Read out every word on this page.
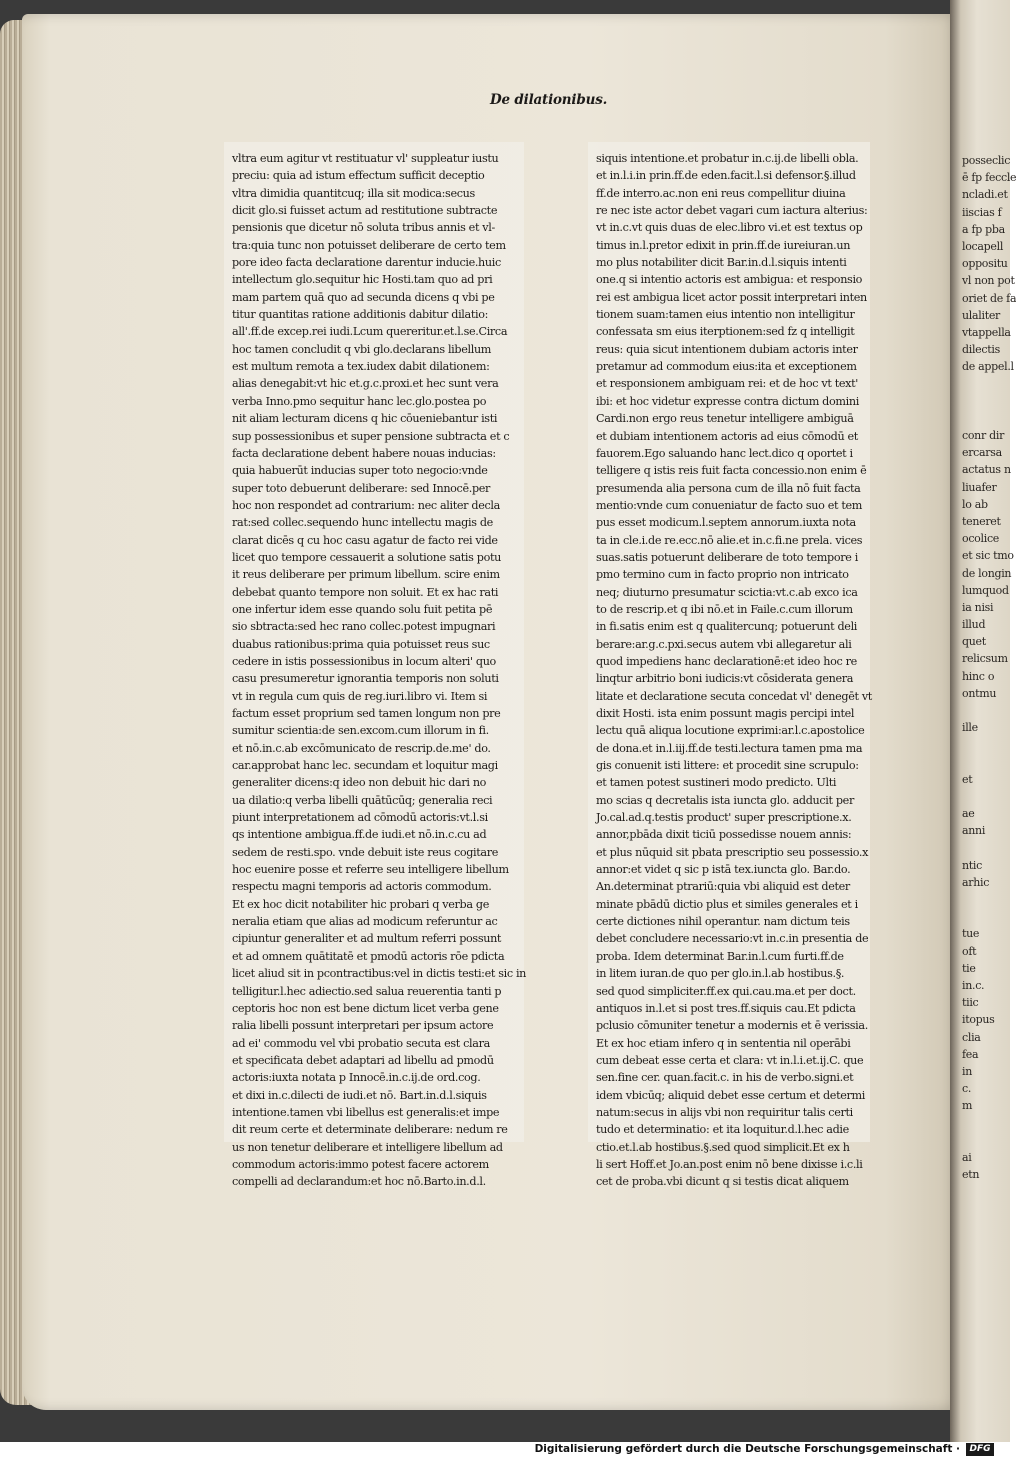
posseclic
ē fp feccle
ncladi.et
iiscias f
a fp pba
locapell
oppositu
vl non pot
oriet de fa
ulaliter
vtappella
dilectis
de appel.l
conr dir
ercarsa
actatus n
liuafer
lo ab
teneret
ocolice
et sic tmo
de longin
lumquod
ia nisi
illud
quet
relicsum
hinc o
ontmu
ille
et
ae
anni
ntic
arhic
tue
oft
tie
in.c.
tiic
itopus
clia
fea
in
c.
m
ai
etn
De dilationibus.
vltra eum agitur vt restituatur vl' suppleatur iustu
preciu: quia ad istum effectum sufficit deceptio
vltra dimidia quantitcuq; illa sit modica:secus
dicit glo.si fuisset actum ad restitutione subtracte
pensionis que dicetur nō soluta tribus annis et vl-
tra:quia tunc non potuisset deliberare de certo tem
pore ideo facta declaratione darentur inducie.huic
intellectum glo.sequitur hic Hosti.tam quo ad pri
mam partem quā quo ad secunda dicens q vbi pe
titur quantitas ratione additionis dabitur dilatio:
all'.ff.de excep.rei iudi.Lcum quereritur.et.l.se.Circa
hoc tamen concludit q vbi glo.declarans libellum
est multum remota a tex.iudex dabit dilationem:
alias denegabit:vt hic et.g.c.proxi.et hec sunt vera
verba Inno.pmo sequitur hanc lec.glo.postea po
nit aliam lecturam dicens q hic cōueniebantur isti
sup possessionibus et super pensione subtracta et c
facta declaratione debent habere nouas inducias:
quia habuerūt inducias super toto negocio:vnde
super toto debuerunt deliberare: sed Innocē.per
hoc non respondet ad contrarium: nec aliter decla
rat:sed collec.sequendo hunc intellectu magis de
clarat dicēs q cu hoc casu agatur de facto rei vide
licet quo tempore cessauerit a solutione satis potu
it reus deliberare per primum libellum. scire enim
debebat quanto tempore non soluit. Et ex hac rati
one infertur idem esse quando solu fuit petita pē
sio sbtracta:sed hec rano collec.potest impugnari
duabus rationibus:prima quia potuisset reus suc
cedere in istis possessionibus in locum alteri' quo
casu presumeretur ignorantia temporis non soluti
vt in regula cum quis de reg.iuri.libro vi. Item si
factum esset proprium sed tamen longum non pre
sumitur scientia:de sen.excom.cum illorum in fi.
et nō.in.c.ab excōmunicato de rescrip.de.me' do.
car.approbat hanc lec. secundam et loquitur magi
generaliter dicens:q ideo non debuit hic dari no
ua dilatio:q verba libelli quātūcūq; generalia reci
piunt interpretationem ad cōmodū actoris:vt.l.si
qs intentione ambigua.ff.de iudi.et nō.in.c.cu ad
sedem de resti.spo. vnde debuit iste reus cogitare
hoc euenire posse et referre seu intelligere libellum
respectu magni temporis ad actoris commodum.
Et ex hoc dicit notabiliter hic probari q verba ge
neralia etiam que alias ad modicum referuntur ac
cipiuntur generaliter et ad multum referri possunt
et ad omnem quātitatē et pmodū actoris rōe pdicta
licet aliud sit in pcontractibus:vel in dictis testi:et sic in
telligitur.l.hec adiectio.sed salua reuerentia tanti p
ceptoris hoc non est bene dictum licet verba gene
ralia libelli possunt interpretari per ipsum actore
ad ei' commodu vel vbi probatio secuta est clara
et specificata debet adaptari ad libellu ad pmodū
actoris:iuxta notata p Innocē.in.c.ij.de ord.cog.
et dixi in.c.dilecti de iudi.et nō. Bart.in.d.l.siquis
intentione.tamen vbi libellus est generalis:et impe
dit reum certe et determinate deliberare: nedum re
us non tenetur deliberare et intelligere libellum ad
commodum actoris:immo potest facere actorem
compelli ad declarandum:et hoc nō.Barto.in.d.l.
siquis intentione.et probatur in.c.ij.de libelli obla.
et in.l.i.in prin.ff.de eden.facit.l.si defensor.§.illud
ff.de interro.ac.non eni reus compellitur diuina
re nec iste actor debet vagari cum iactura alterius:
vt in.c.vt quis duas de elec.libro vi.et est textus op
timus in.l.pretor edixit in prin.ff.de iureiuran.un
mo plus notabiliter dicit Bar.in.d.l.siquis intenti
one.q si intentio actoris est ambigua: et responsio
rei est ambigua licet actor possit interpretari inten
tionem suam:tamen eius intentio non intelligitur
confessata sm eius iterptionem:sed fz q intelligit
reus: quia sicut intentionem dubiam actoris inter
pretamur ad commodum eius:ita et exceptionem
et responsionem ambiguam rei: et de hoc vt text'
ibi: et hoc videtur expresse contra dictum domini
Cardi.non ergo reus tenetur intelligere ambiguā
et dubiam intentionem actoris ad eius cōmodū et
fauorem.Ego saluando hanc lect.dico q oportet i
telligere q istis reis fuit facta concessio.non enim ē
presumenda alia persona cum de illa nō fuit facta
mentio:vnde cum conueniatur de facto suo et tem
pus esset modicum.l.septem annorum.iuxta nota
ta in cle.i.de re.ecc.nō alie.et in.c.fi.ne prela. vices
suas.satis potuerunt deliberare de toto tempore i
pmo termino cum in facto proprio non intricato
neq; diuturno presumatur scictia:vt.c.ab exco ica
to de rescrip.et q ibi nō.et in Faile.c.cum illorum
in fi.satis enim est q qualitercunq; potuerunt deli
berare:ar.g.c.pxi.secus autem vbi allegaretur ali
quod impediens hanc declarationē:et ideo hoc re
linqtur arbitrio boni iudicis:vt cōsiderata genera
litate et declaratione secuta concedat vl' denegēt vt
dixit Hosti. ista enim possunt magis percipi intel
lectu quā aliqua locutione exprimi:ar.l.c.apostolice
de dona.et in.l.iij.ff.de testi.lectura tamen pma ma
gis conuenit isti littere: et procedit sine scrupulo:
et tamen potest sustineri modo predicto. Ulti
mo scias q decretalis ista iuncta glo. adducit per
Jo.cal.ad.q.testis product' super prescriptione.x.
annor,pbāda dixit ticiū possedisse nouem annis:
et plus nūquid sit pbata prescriptio seu possessio.x
annor:et videt q sic p istā tex.iuncta glo. Bar.do.
An.determinat ptrariū:quia vbi aliquid est deter
minate pbādū dictio plus et similes generales et i
certe dictiones nihil operantur. nam dictum teis
debet concludere necessario:vt in.c.in presentia de
proba. Idem determinat Bar.in.l.cum furti.ff.de
in litem iuran.de quo per glo.in.l.ab hostibus.§.
sed quod simpliciter.ff.ex qui.cau.ma.et per doct.
antiquos in.l.et si post tres.ff.siquis cau.Et pdicta
pclusio cōmuniter tenetur a modernis et ē verissia.
Et ex hoc etiam infero q in sententia nil operābi
cum debeat esse certa et clara: vt in.l.i.et.ij.C. que
sen.fine cer. quan.facit.c. in his de verbo.signi.et
idem vbicūq; aliquid debet esse certum et determi
natum:secus in alijs vbi non requiritur talis certi
tudo et determinatio: et ita loquitur.d.l.hec adie
ctio.et.l.ab hostibus.§.sed quod simplicit.Et ex h
li sert Hoff.et Jo.an.post enim nō bene dixisse i.c.li
cet de proba.vbi dicunt q si testis dicat aliquem
Digitalisierung gefördert durch die Deutsche Forschungsgemeinschaft ·	DFG
